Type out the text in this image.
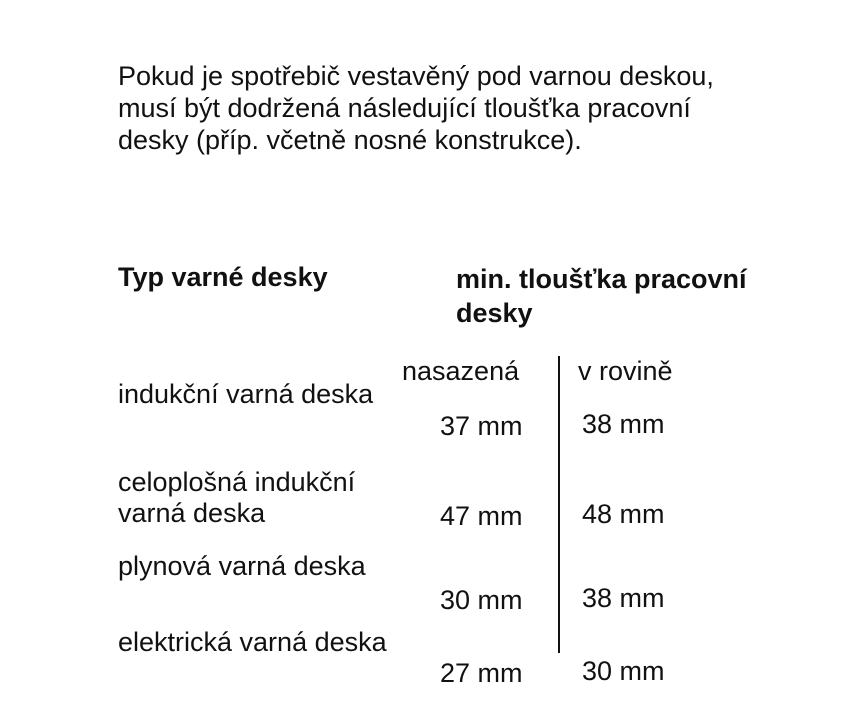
Pokud je spotřebič vestavěný pod varnou deskou, musí být dodržená následující tloušťka pracovní desky (příp. včetně nosné konstrukce).

Typ varné desky	min. tloušťka pracovní desky

nasazená v rovině

indukční varná deska

37 mm 38 mm

celoplošná indukční varná deska	47 mm 48 mm

plynová varná deska

30 mm 38 mm

elektrická varná deska

27 mm 30 mm
